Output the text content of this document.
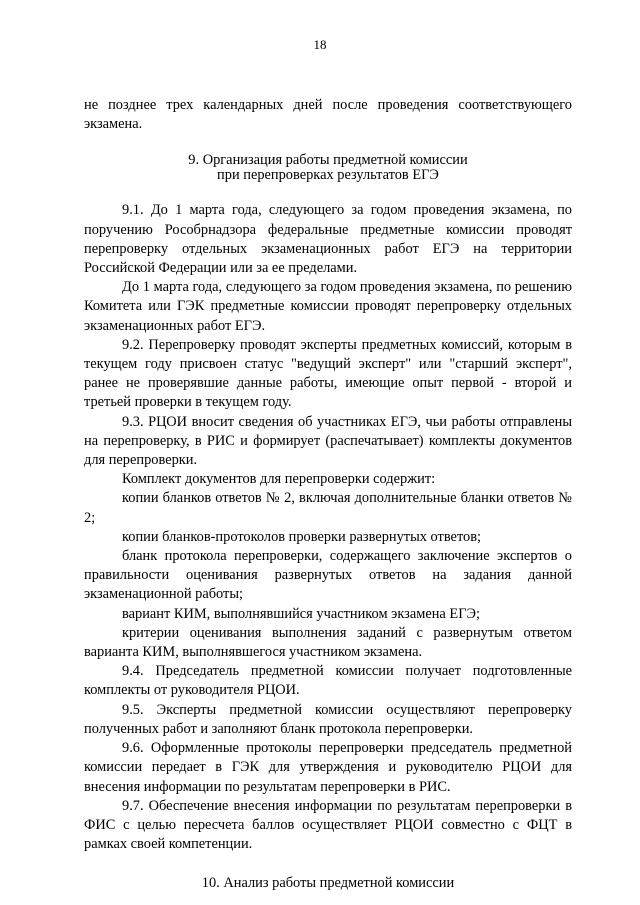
18

не позднее трех календарных дней после проведения соответствующего экзамена.

9. Организация работы предметной комиссии
при перепроверках результатов ЕГЭ

9.1. До 1 марта года, следующего за годом проведения экзамена, по поручению Рособрнадзора федеральные предметные комиссии проводят перепроверку отдельных экзаменационных работ ЕГЭ на территории Российской Федерации или за ее пределами.

До 1 марта года, следующего за годом проведения экзамена, по решению Комитета или ГЭК предметные комиссии проводят перепроверку отдельных экзаменационных работ ЕГЭ.

9.2. Перепроверку проводят эксперты предметных комиссий, которым в текущем году присвоен статус "ведущий эксперт" или "старший эксперт", ранее не проверявшие данные работы, имеющие опыт первой - второй и третьей проверки в текущем году.

9.3. РЦОИ вносит сведения об участниках ЕГЭ, чьи работы отправлены на перепроверку, в РИС и формирует (распечатывает) комплекты документов для перепроверки.

Комплект документов для перепроверки содержит:

копии бланков ответов № 2, включая дополнительные бланки ответов № 2;

копии бланков-протоколов проверки развернутых ответов;

бланк протокола перепроверки, содержащего заключение экспертов о правильности оценивания развернутых ответов на задания данной экзаменационной работы;

вариант КИМ, выполнявшийся участником экзамена ЕГЭ;

критерии оценивания выполнения заданий с развернутым ответом варианта КИМ, выполнявшегося участником экзамена.

9.4. Председатель предметной комиссии получает подготовленные комплекты от руководителя РЦОИ.

9.5. Эксперты предметной комиссии осуществляют перепроверку полученных работ и заполняют бланк протокола перепроверки.

9.6. Оформленные протоколы перепроверки председатель предметной комиссии передает в ГЭК для утверждения и руководителю РЦОИ для внесения информации по результатам перепроверки в РИС.

9.7. Обеспечение внесения информации по результатам перепроверки в ФИС с целью пересчета баллов осуществляет РЦОИ совместно с ФЦТ в рамках своей компетенции.

10. Анализ работы предметной комиссии
